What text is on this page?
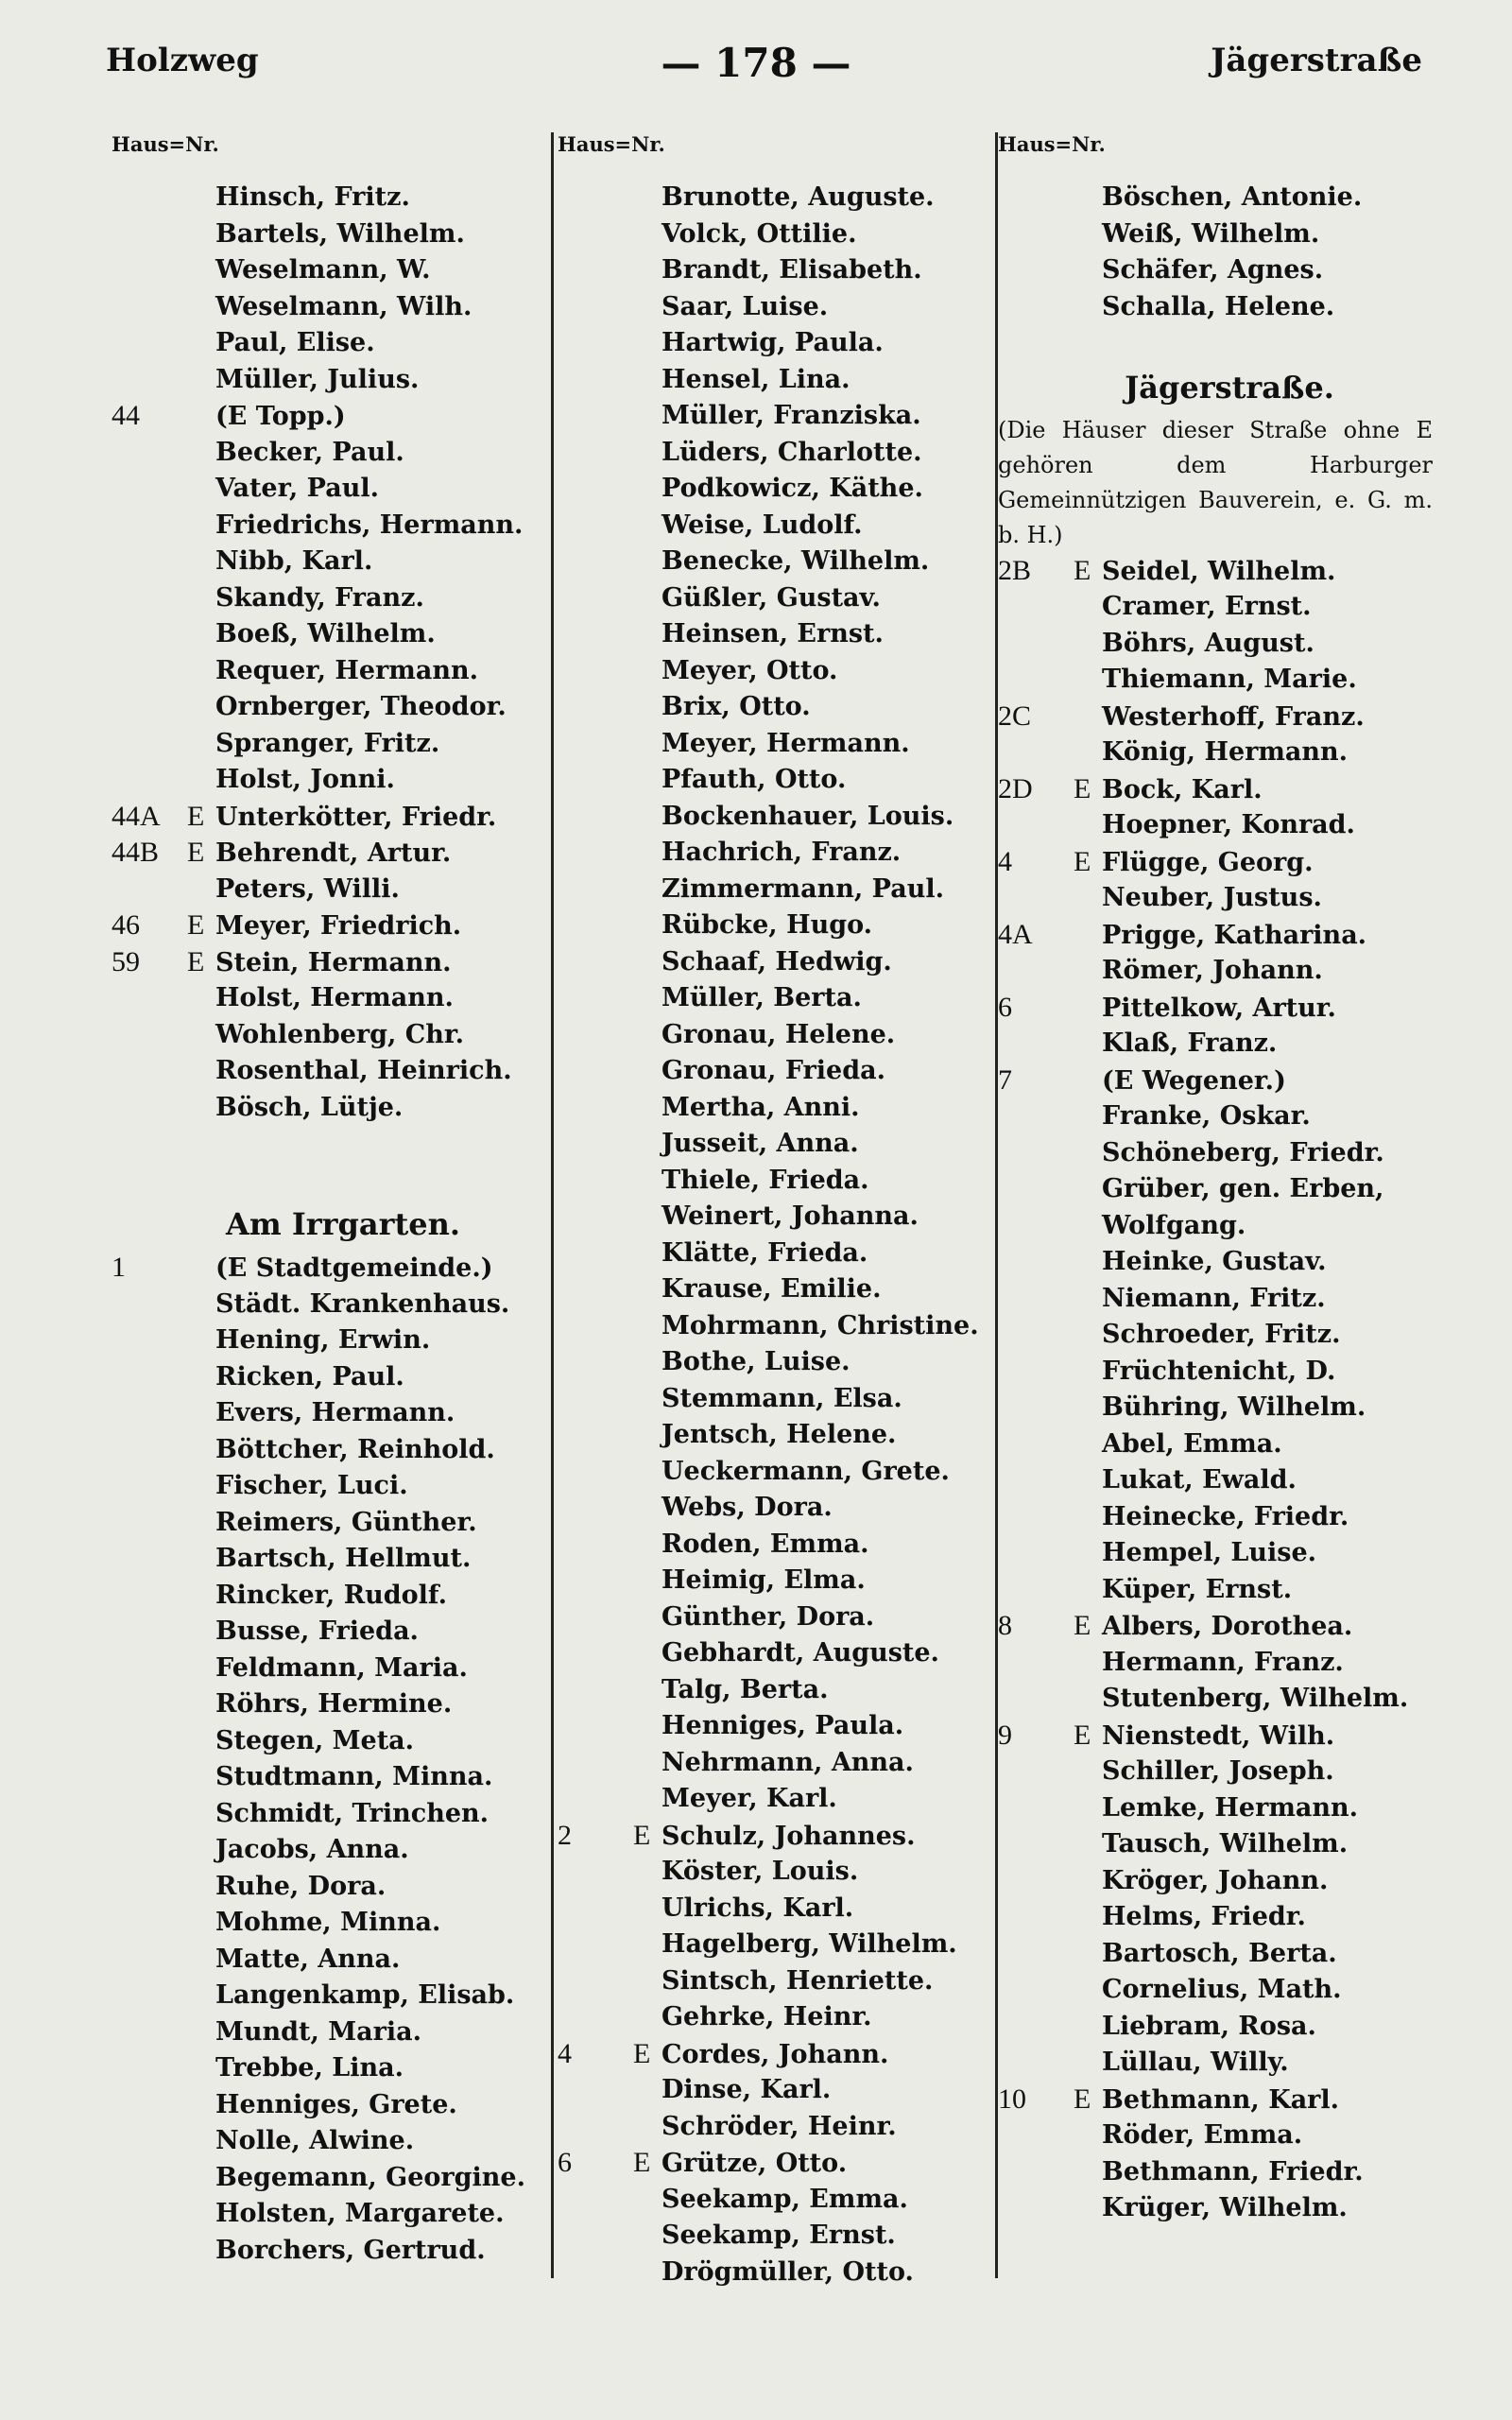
Holzweg	— 178 —	Jägerstraße
Haus=Nr.
Hinsch, Fritz.
Bartels, Wilhelm.
Weselmann, W.
Weselmann, Wilh.
Paul, Elise.
Müller, Julius.
44	(E Topp.)
Becker, Paul.
Vater, Paul.
Friedrichs, Hermann.
Nibb, Karl.
Skandy, Franz.
Boeß, Wilhelm.
Requer, Hermann.
Ornberger, Theodor.
Spranger, Fritz.
Holst, Jonni.
44A E Unterkötter, Friedr.
44B E Behrendt, Artur.
Peters, Willi.
46	E Meyer, Friedrich.
59	E Stein, Hermann.
Holst, Hermann.
Wohlenberg, Chr.
Rosenthal, Heinrich.
Bösch, Lütje.
Am Irrgarten.
1	(E Stadtgemeinde.)
Städt. Krankenhaus.
Hening, Erwin.
Ricken, Paul.
Evers, Hermann.
Böttcher, Reinhold.
Fischer, Luci.
Reimers, Günther.
Bartsch, Hellmut.
Rincker, Rudolf.
Busse, Frieda.
Feldmann, Maria.
Röhrs, Hermine.
Stegen, Meta.
Studtmann, Minna.
Schmidt, Trinchen.
Jacobs, Anna.
Ruhe, Dora.
Mohme, Minna.
Matte, Anna.
Langenkamp, Elisab.
Mundt, Maria.
Trebbe, Lina.
Henniges, Grete.
Nolle, Alwine.
Begemann, Georgine.
Holsten, Margarete.
Borchers, Gertrud.
Haus=Nr.
Brunotte, Auguste.
Volck, Ottilie.
Brandt, Elisabeth.
Saar, Luise.
Hartwig, Paula.
Hensel, Lina.
Müller, Franziska.
Lüders, Charlotte.
Podkowicz, Käthe.
Weise, Ludolf.
Benecke, Wilhelm.
Güßler, Gustav.
Heinsen, Ernst.
Meyer, Otto.
Brix, Otto.
Meyer, Hermann.
Pfauth, Otto.
Bockenhauer, Louis.
Hachrich, Franz.
Zimmermann, Paul.
Rübcke, Hugo.
Schaaf, Hedwig.
Müller, Berta.
Gronau, Helene.
Gronau, Frieda.
Mertha, Anni.
Jusseit, Anna.
Thiele, Frieda.
Weinert, Johanna.
Klätte, Frieda.
Krause, Emilie.
Mohrmann, Christine.
Bothe, Luise.
Stemmann, Elsa.
Jentsch, Helene.
Ueckermann, Grete.
Webs, Dora.
Roden, Emma.
Heimig, Elma.
Günther, Dora.
Gebhardt, Auguste.
Talg, Berta.
Henniges, Paula.
Nehrmann, Anna.
Meyer, Karl.
2	E Schulz, Johannes.
Köster, Louis.
Ulrichs, Karl.
Hagelberg, Wilhelm.
Sintsch, Henriette.
Gehrke, Heinr.
4	E Cordes, Johann.
Dinse, Karl.
Schröder, Heinr.
6	E Grütze, Otto.
Seekamp, Emma.
Seekamp, Ernst.
Drögmüller, Otto.
Haus=Nr.
Böschen, Antonie.
Weiß, Wilhelm.
Schäfer, Agnes.
Schalla, Helene.
Jägerstraße.
(Die Häuser dieser Straße ohne E gehören dem Harburger Gemeinnützigen Bauverein, e. G. m. b. H.)
2B	E Seidel, Wilhelm.
Cramer, Ernst.
Böhrs, August.
Thiemann, Marie.
2C	Westerhoff, Franz.
König, Hermann.
2D	E Bock, Karl.
Hoepner, Konrad.
4	E Flügge, Georg.
Neuber, Justus.
4A	Prigge, Katharina.
Römer, Johann.
6	Pittelkow, Artur.
Klaß, Franz.
7	(E Wegener.)
Franke, Oskar.
Schöneberg, Friedr.
Grüber, gen. Erben,
Wolfgang.
Heinke, Gustav.
Niemann, Fritz.
Schroeder, Fritz.
Früchtenicht, D.
Bühring, Wilhelm.
Abel, Emma.
Lukat, Ewald.
Heinecke, Friedr.
Hempel, Luise.
Küper, Ernst.
8	E Albers, Dorothea.
Hermann, Franz.
Stutenberg, Wilhelm.
9	E Nienstedt, Wilh.
Schiller, Joseph.
Lemke, Hermann.
Tausch, Wilhelm.
Kröger, Johann.
Helms, Friedr.
Bartosch, Berta.
Cornelius, Math.
Liebram, Rosa.
Lüllau, Willy.
10	E Bethmann, Karl.
Röder, Emma.
Bethmann, Friedr.
Krüger, Wilhelm.
